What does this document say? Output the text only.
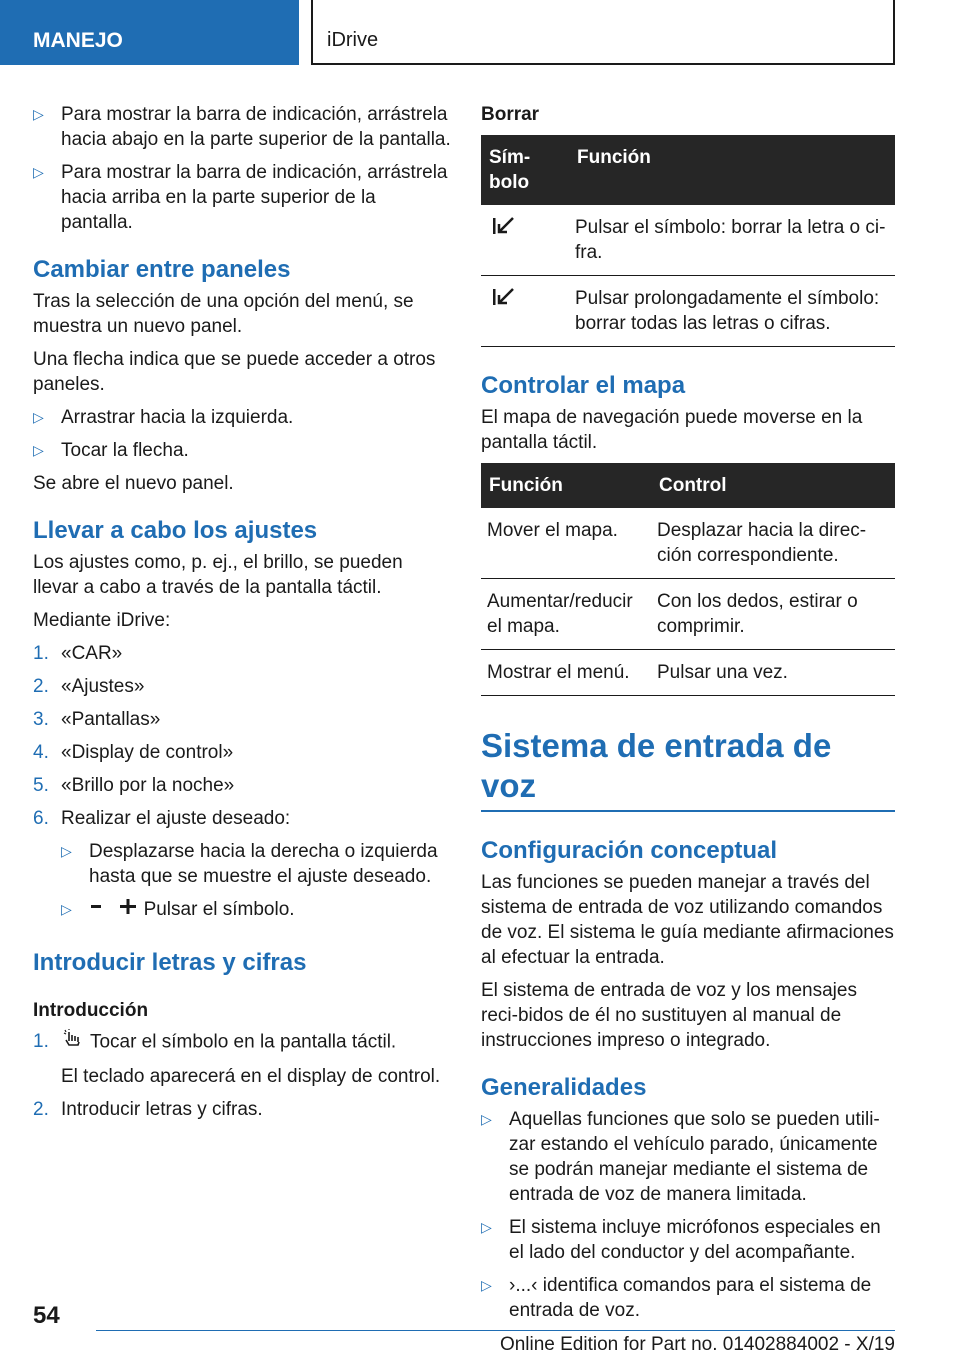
MANEJO	iDrive
▷ Para mostrar la barra de indicación, arrástrela hacia abajo en la parte superior de la pantalla.
▷ Para mostrar la barra de indicación, arrástrela hacia arriba en la parte superior de la pantalla.
Cambiar entre paneles

Tras la selección de una opción del menú, se muestra un nuevo panel.

Una flecha indica que se puede acceder a otros paneles.

▷ Arrastrar hacia la izquierda.
▷ Tocar la flecha.

Se abre el nuevo panel.

Llevar a cabo los ajustes

Los ajustes como, p. ej., el brillo, se pueden llevar a cabo a través de la pantalla táctil.

Mediante iDrive:

1. «CAR»
2. «Ajustes»
3. «Pantallas»
4. «Display de control»
5. «Brillo por la noche»
6. Realizar el ajuste deseado:
▷ Desplazarse hacia la derecha o izquierda hasta que se muestre el ajuste deseado.
▷	Pulsar el símbolo.
Introducir letras y cifras
Introducción
1. Tocar el símbolo en la pantalla táctil.

El teclado aparecerá en el display de control.

2. Introducir letras y cifras.
Borrar
Sím-bolo	Función
	Pulsar el símbolo: borrar la letra o ci-fra.
	Pulsar prolongadamente el símbolo: borrar todas las letras o cifras.
Controlar el mapa

El mapa de navegación puede moverse en la pantalla táctil.

Función	Control
Mover el mapa.	Desplazar hacia la direc-ción correspondiente.
Aumentar/reducir el mapa.	Con los dedos, estirar o comprimir.
Mostrar el menú.	Pulsar una vez.
Sistema de entrada de voz
Configuración conceptual

Las funciones se pueden manejar a través del sistema de entrada de voz utilizando comandos de voz. El sistema le guía mediante afirmaciones al efectuar la entrada.

El sistema de entrada de voz y los mensajes reci-bidos de él no sustituyen al manual de instrucciones impreso o integrado.

Generalidades
▷ Aquellas funciones que solo se pueden utili-zar estando el vehículo parado, únicamente se podrán manejar mediante el sistema de entrada de voz de manera limitada.
▷ El sistema incluye micrófonos especiales en el lado del conductor y del acompañante.
▷ ›...‹ identifica comandos para el sistema de entrada de voz.
54
Online Edition for Part no. 01402884002 - X/19
